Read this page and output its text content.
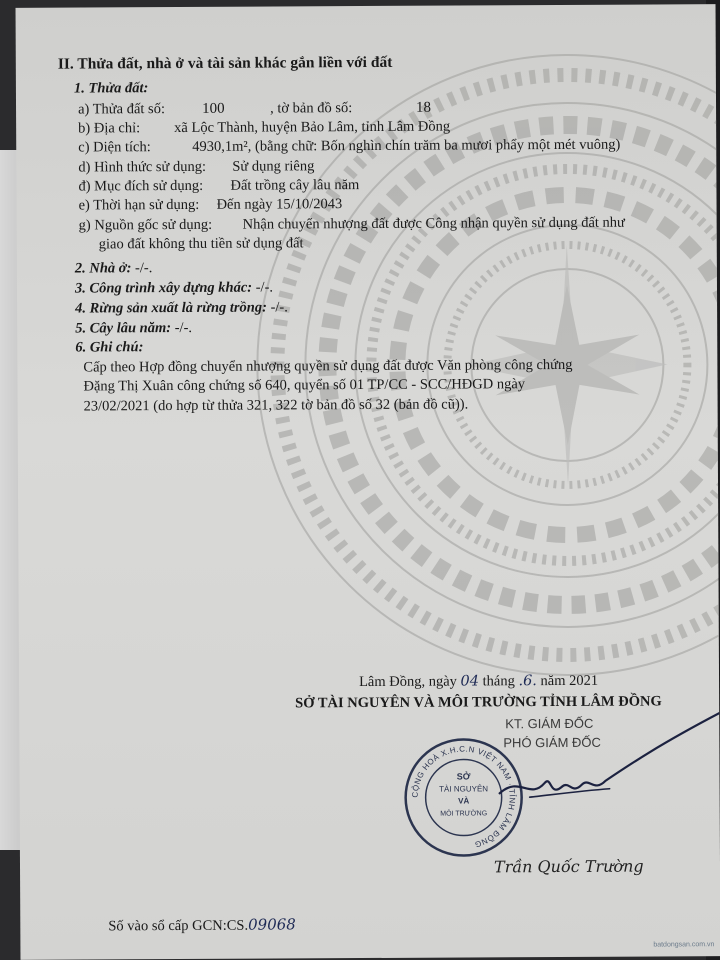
II. Thửa đất, nhà ở và tài sản khác gắn liền với đất
1. Thửa đất:
a) Thửa đất số: 100	, tờ bản đồ số:	18
b) Địa chỉ: xã Lộc Thành, huyện Bảo Lâm, tỉnh Lâm Đồng
c) Diện tích:	4930,1m², (bằng chữ: Bốn nghìn chín trăm ba mươi phẩy một mét vuông)
d) Hình thức sử dụng: Sử dụng riêng
đ) Mục đích sử dụng: Đất trồng cây lâu năm
e) Thời hạn sử dụng: Đến ngày 15/10/2043
g) Nguồn gốc sử dụng: Nhận chuyển nhượng đất được Công nhận quyền sử dụng đất như
giao đất không thu tiền sử dụng đất
2. Nhà ở: -/-.
3. Công trình xây dựng khác: -/-.
4. Rừng sản xuất là rừng trồng: -/-.
5. Cây lâu năm: -/-.
6. Ghi chú:
Cấp theo Hợp đồng chuyển nhượng quyền sử dụng đất được Văn phòng công chứng
Đặng Thị Xuân công chứng số 640, quyển số 01 TP/CC - SCC/HĐGD ngày
23/02/2021 (do hợp từ thửa 321, 322 tờ bản đồ số 32 (bản đồ cũ)).
Lâm Đồng, ngày 04 tháng .6. năm 2021
SỞ TÀI NGUYÊN VÀ MÔI TRƯỜNG TỈNH LÂM ĐỒNG
KT. GIÁM ĐỐC
PHÓ GIÁM ĐỐC
CỘNG HOÀ X.H.C.N VIỆT NAM · TỈNH LÂM ĐỒNG
SỞ
TÀI NGUYÊN
VÀ
MÔI TRƯỜNG
Trần Quốc Trường
Số vào sổ cấp GCN:CS.09068
batdongsan.com.vn
